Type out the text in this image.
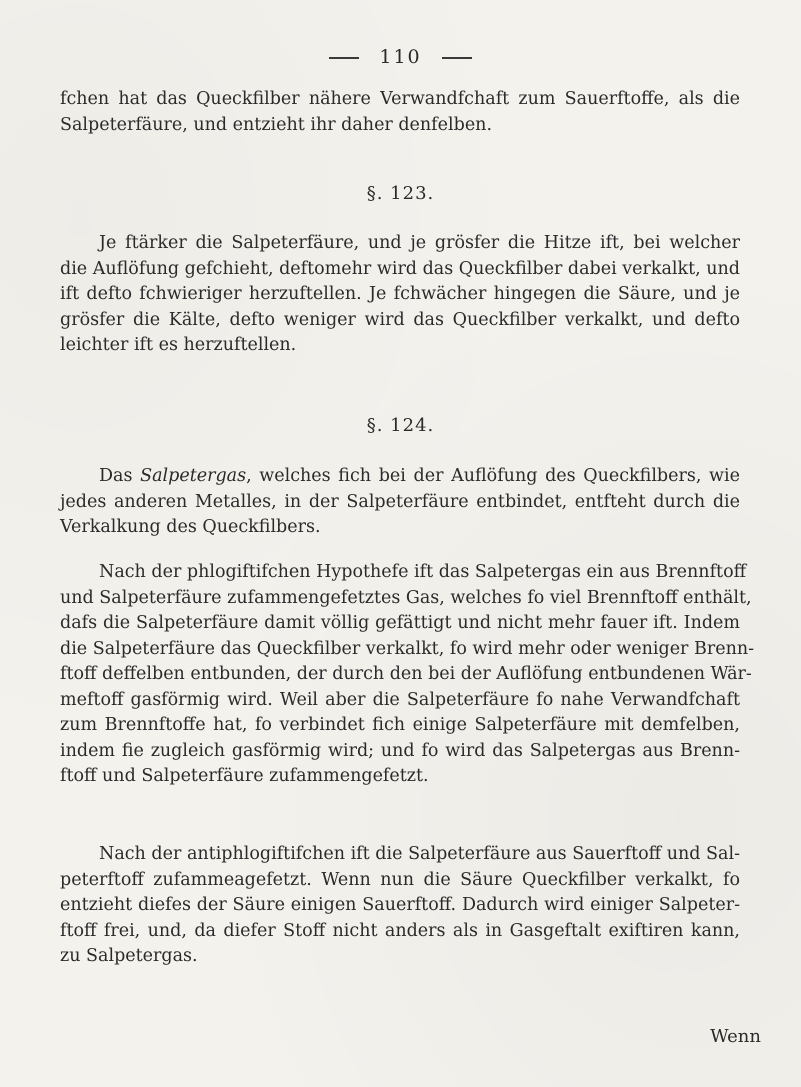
110
fchen hat das Queckfilber nähere Verwandfchaft zum Sauerftoffe, als die
Salpeterfäure, und entzieht ihr daher denfelben.
§. 123.
Je ftärker die Salpeterfäure, und je grösfer die Hitze ift, bei welcher
die Auflöfung gefchieht, deftomehr wird das Queckfilber dabei verkalkt, und
ift defto fchwieriger herzuftellen. Je fchwächer hingegen die Säure, und je
grösfer die Kälte, defto weniger wird das Queckfilber verkalkt, und defto
leichter ift es herzuftellen.
§. 124.
Das Salpetergas, welches fich bei der Auflöfung des Queckfilbers, wie
jedes anderen Metalles, in der Salpeterfäure entbindet, entfteht durch die
Verkalkung des Queckfilbers.
Nach der phlogiftifchen Hypothefe ift das Salpetergas ein aus Brennftoff
und Salpeterfäure zufammengefetztes Gas, welches fo viel Brennftoff enthält,
dafs die Salpeterfäure damit völlig gefättigt und nicht mehr fauer ift. Indem
die Salpeterfäure das Queckfilber verkalkt, fo wird mehr oder weniger Brenn-
ftoff deffelben entbunden, der durch den bei der Auflöfung entbundenen Wär-
meftoff gasförmig wird. Weil aber die Salpeterfäure fo nahe Verwandfchaft
zum Brennftoffe hat, fo verbindet fich einige Salpeterfäure mit demfelben,
indem fie zugleich gasförmig wird; und fo wird das Salpetergas aus Brenn-
ftoff und Salpeterfäure zufammengefetzt.
Nach der antiphlogiftifchen ift die Salpeterfäure aus Sauerftoff und Sal-
peterftoff zufammeagefetzt. Wenn nun die Säure Queckfilber verkalkt, fo
entzieht diefes der Säure einigen Sauerftoff. Dadurch wird einiger Salpeter-
ftoff frei, und, da diefer Stoff nicht anders als in Gasgeftalt exiftiren kann,
zu Salpetergas.
Wenn
